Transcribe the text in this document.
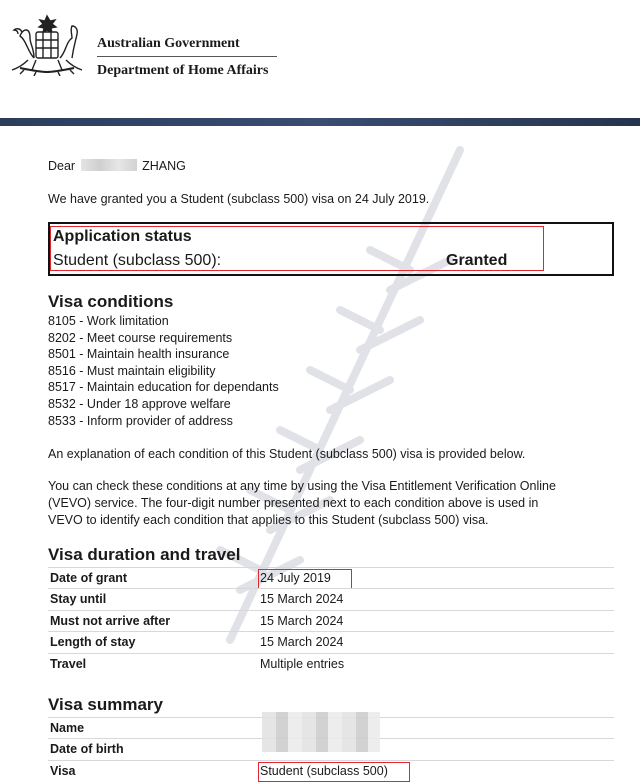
Australian Government
Department of Home Affairs
Dear	ZHANG
We have granted you a Student (subclass 500) visa on 24 July 2019.
Application status
Student (subclass 500):	Granted
Visa conditions
8105 - Work limitation
8202 - Meet course requirements
8501 - Maintain health insurance
8516 - Must maintain eligibility
8517 - Maintain education for dependants
8532 - Under 18 approve welfare
8533 - Inform provider of address
An explanation of each condition of this Student (subclass 500) visa is provided below.
You can check these conditions at any time by using the Visa Entitlement Verification Online
(VEVO) service. The four-digit number presented next to each condition above is used in
VEVO to identify each condition that applies to this Student (subclass 500) visa.
Visa duration and travel
Date of grant	24 July 2019
Stay until	15 March 2024
Must not arrive after	15 March 2024
Length of stay	15 March 2024
Travel	Multiple entries
Visa summary
Name
Date of birth
Visa	Student (subclass 500)
